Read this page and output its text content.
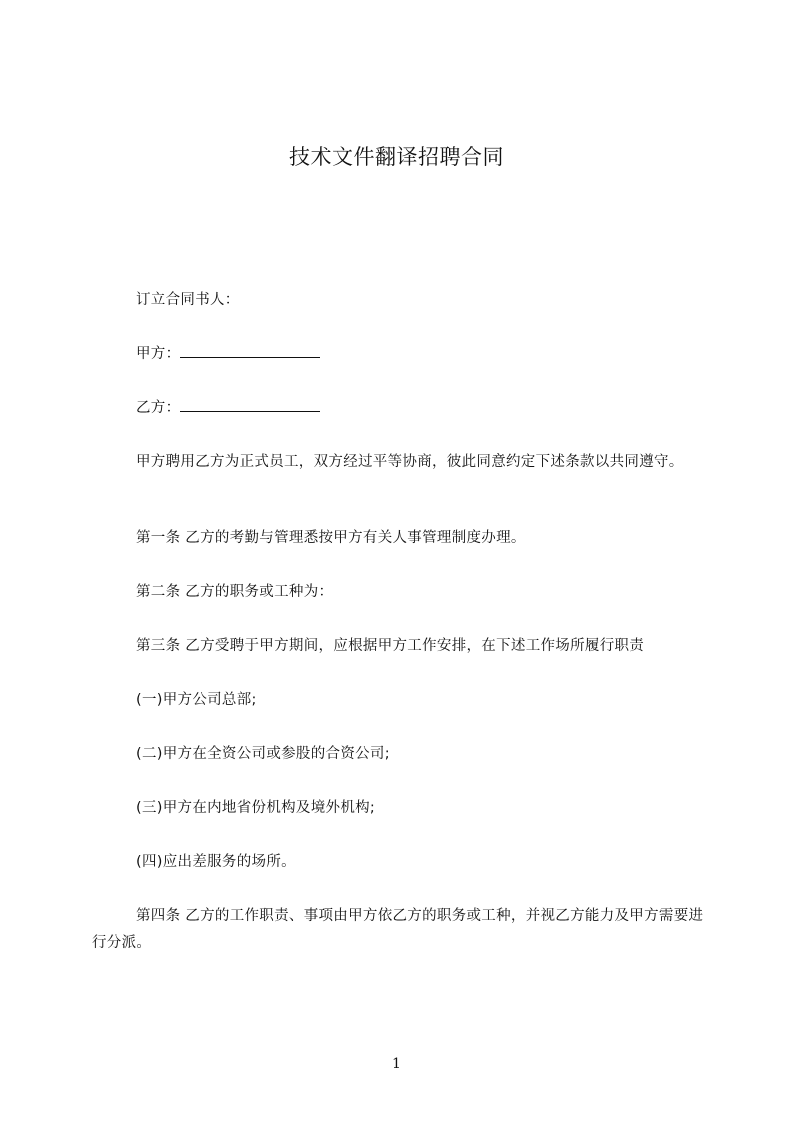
技术文件翻译招聘合同
订立合同书人：
甲方：
乙方：
甲方聘用乙方为正式员工，双方经过平等协商，彼此同意约定下述条款以共同遵守。
第一条 乙方的考勤与管理悉按甲方有关人事管理制度办理。
第二条 乙方的职务或工种为：
第三条 乙方受聘于甲方期间，应根据甲方工作安排，在下述工作场所履行职责
(一)甲方公司总部;
(二)甲方在全资公司或参股的合资公司;
(三)甲方在内地省份机构及境外机构;
(四)应出差服务的场所。
第四条 乙方的工作职责、事项由甲方依乙方的职务或工种，并视乙方能力及甲方需要进行分派。
1
